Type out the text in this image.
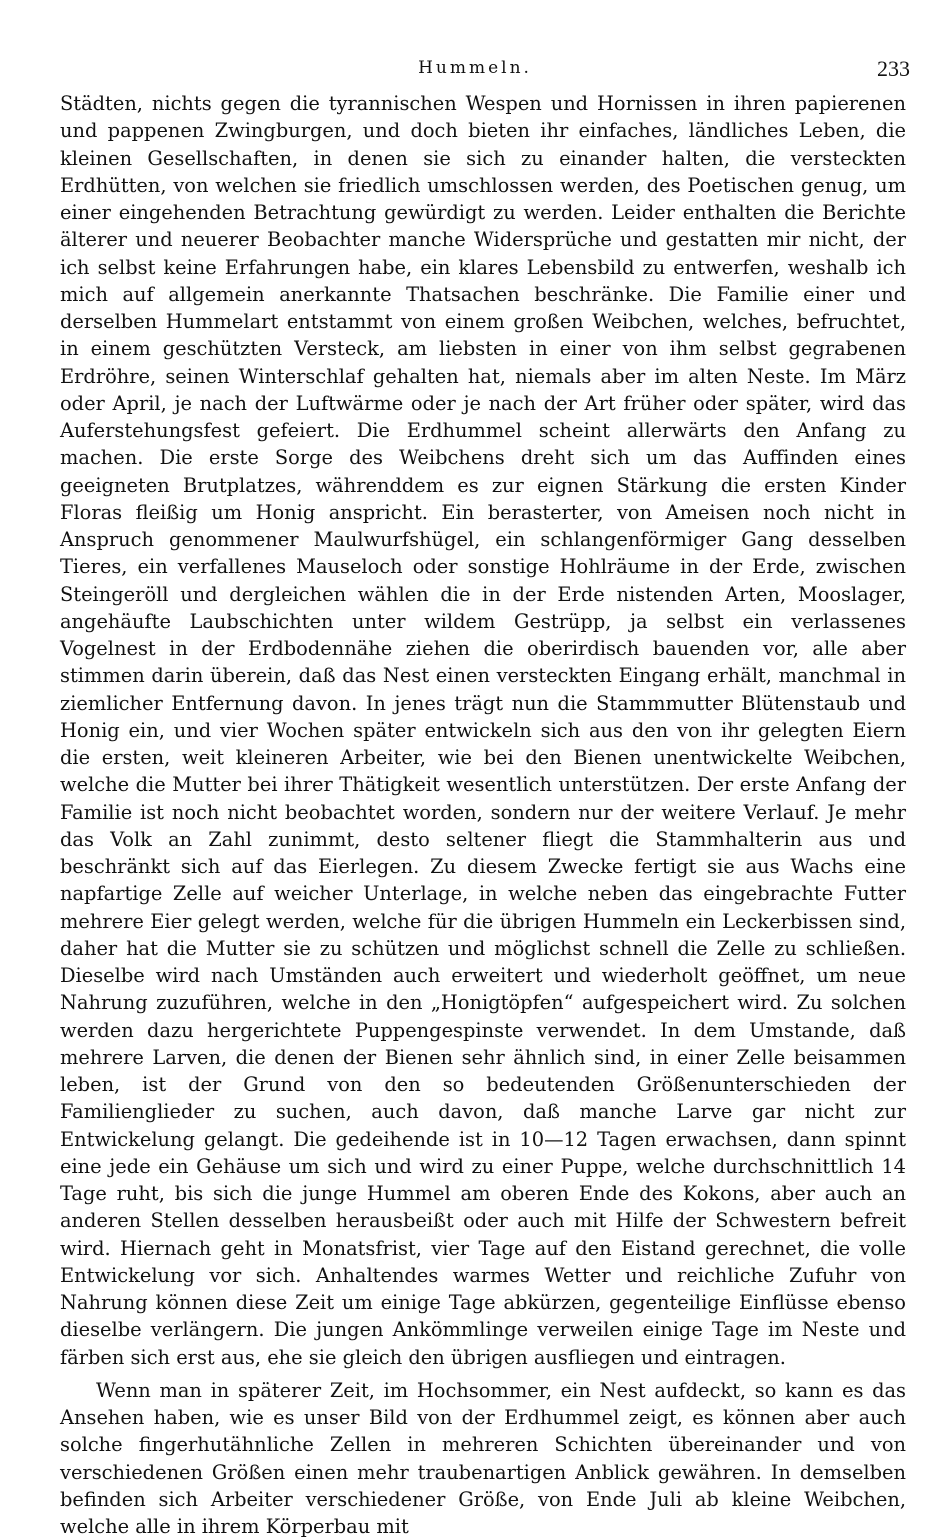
Hummeln.	233

Städten, nichts gegen die tyrannischen Wespen und Hornissen in ihren papierenen und pappenen Zwingburgen, und doch bieten ihr einfaches, ländliches Leben, die kleinen Gesellschaften, in denen sie sich zu einander halten, die versteckten Erdhütten, von welchen sie friedlich umschlossen werden, des Poetischen genug, um einer eingehenden Betrachtung gewürdigt zu werden. Leider enthalten die Berichte älterer und neuerer Beobachter manche Widersprüche und gestatten mir nicht, der ich selbst keine Erfahrungen habe, ein klares Lebensbild zu entwerfen, weshalb ich mich auf allgemein anerkannte Thatsachen beschränke. Die Familie einer und derselben Hummelart entstammt von einem großen Weibchen, welches, befruchtet, in einem geschützten Versteck, am liebsten in einer von ihm selbst gegrabenen Erdröhre, seinen Winterschlaf gehalten hat, niemals aber im alten Neste. Im März oder April, je nach der Luftwärme oder je nach der Art früher oder später, wird das Auferstehungsfest gefeiert. Die Erdhummel scheint allerwärts den Anfang zu machen. Die erste Sorge des Weibchens dreht sich um das Auffinden eines geeigneten Brutplatzes, währenddem es zur eignen Stärkung die ersten Kinder Floras fleißig um Honig anspricht. Ein berasterter, von Ameisen noch nicht in Anspruch genommener Maulwurfshügel, ein schlangenförmiger Gang desselben Tieres, ein verfallenes Mauseloch oder sonstige Hohlräume in der Erde, zwischen Steingeröll und dergleichen wählen die in der Erde nistenden Arten, Mooslager, angehäufte Laubschichten unter wildem Gestrüpp, ja selbst ein verlassenes Vogelnest in der Erdbodennähe ziehen die oberirdisch bauenden vor, alle aber stimmen darin überein, daß das Nest einen versteckten Eingang erhält, manchmal in ziemlicher Entfernung davon. In jenes trägt nun die Stammmutter Blütenstaub und Honig ein, und vier Wochen später entwickeln sich aus den von ihr gelegten Eiern die ersten, weit kleineren Arbeiter, wie bei den Bienen unentwickelte Weibchen, welche die Mutter bei ihrer Thätigkeit wesentlich unterstützen. Der erste Anfang der Familie ist noch nicht beobachtet worden, sondern nur der weitere Verlauf. Je mehr das Volk an Zahl zunimmt, desto seltener fliegt die Stammhalterin aus und beschränkt sich auf das Eierlegen. Zu diesem Zwecke fertigt sie aus Wachs eine napfartige Zelle auf weicher Unterlage, in welche neben das eingebrachte Futter mehrere Eier gelegt werden, welche für die übrigen Hummeln ein Leckerbissen sind, daher hat die Mutter sie zu schützen und möglichst schnell die Zelle zu schließen. Dieselbe wird nach Umständen auch erweitert und wiederholt geöffnet, um neue Nahrung zuzuführen, welche in den „Honigtöpfen“ aufgespeichert wird. Zu solchen werden dazu hergerichtete Puppengespinste verwendet. In dem Umstande, daß mehrere Larven, die denen der Bienen sehr ähnlich sind, in einer Zelle beisammen leben, ist der Grund von den so bedeutenden Größenunterschieden der Familienglieder zu suchen, auch davon, daß manche Larve gar nicht zur Entwickelung gelangt. Die gedeihende ist in 10—12 Tagen erwachsen, dann spinnt eine jede ein Gehäuse um sich und wird zu einer Puppe, welche durchschnittlich 14 Tage ruht, bis sich die junge Hummel am oberen Ende des Kokons, aber auch an anderen Stellen desselben herausbeißt oder auch mit Hilfe der Schwestern befreit wird. Hiernach geht in Monatsfrist, vier Tage auf den Eistand gerechnet, die volle Entwickelung vor sich. Anhaltendes warmes Wetter und reichliche Zufuhr von Nahrung können diese Zeit um einige Tage abkürzen, gegenteilige Einflüsse ebenso dieselbe verlängern. Die jungen Ankömmlinge verweilen einige Tage im Neste und färben sich erst aus, ehe sie gleich den übrigen ausfliegen und eintragen.

Wenn man in späterer Zeit, im Hochsommer, ein Nest aufdeckt, so kann es das Ansehen haben, wie es unser Bild von der Erdhummel zeigt, es können aber auch solche fingerhutähnliche Zellen in mehreren Schichten übereinander und von verschiedenen Größen einen mehr traubenartigen Anblick gewähren. In demselben befinden sich Arbeiter verschiedener Größe, von Ende Juli ab kleine Weibchen, welche alle in ihrem Körperbau mit
